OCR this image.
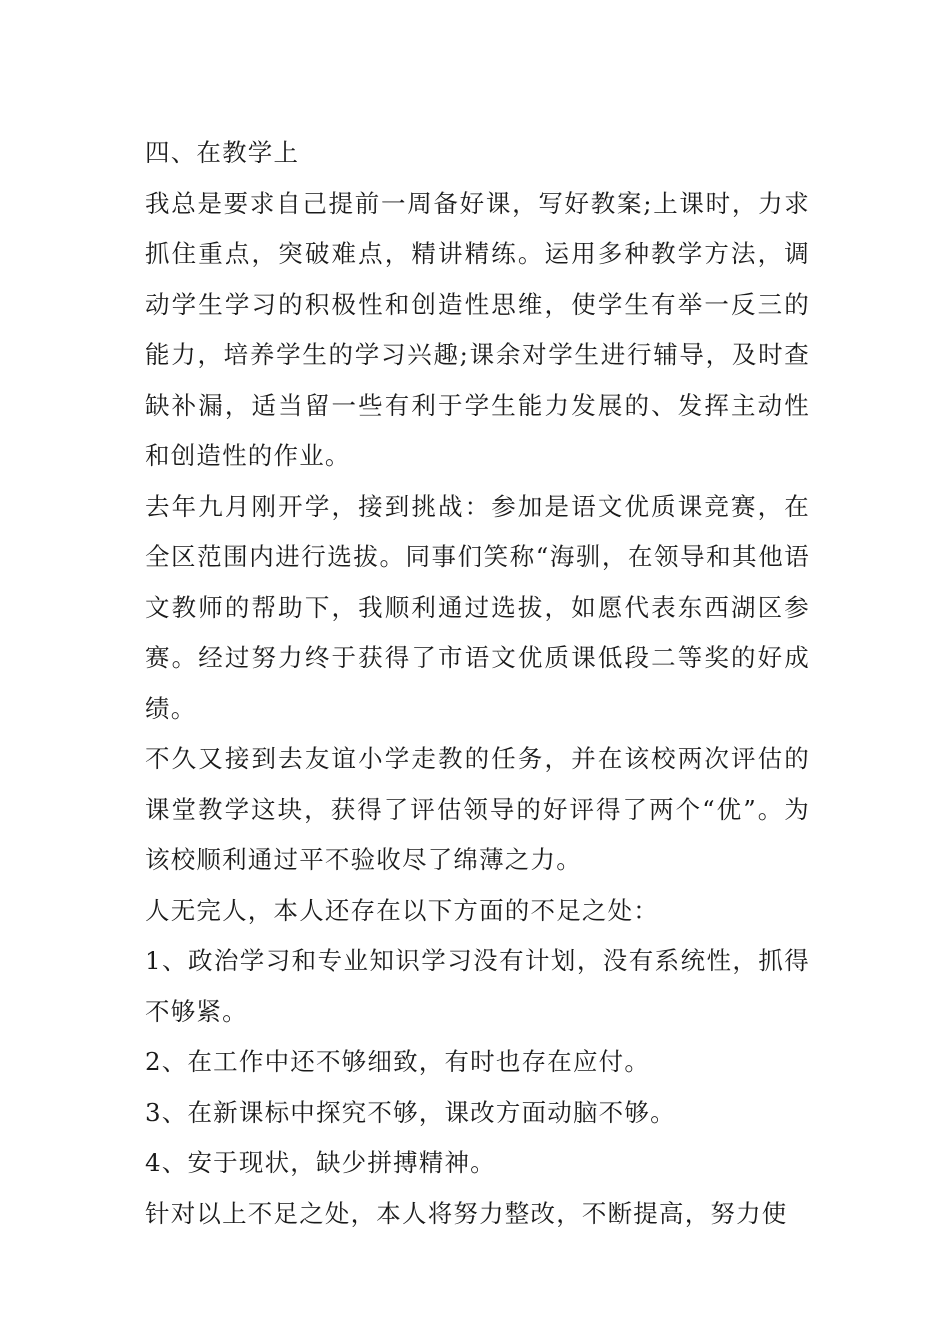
四、在教学上

我总是要求自己提前一周备好课，写好教案;上课时，力求抓住重点，突破难点，精讲精练。运用多种教学方法，调动学生学习的积极性和创造性思维，使学生有举一反三的能力，培养学生的学习兴趣;课余对学生进行辅导，及时查缺补漏，适当留一些有利于学生能力发展的、发挥主动性和创造性的作业。

去年九月刚开学，接到挑战：参加是语文优质课竞赛，在全区范围内进行选拔。同事们笑称“海驯，在领导和其他语文教师的帮助下，我顺利通过选拔，如愿代表东西湖区参赛。经过努力终于获得了市语文优质课低段二等奖的好成绩。

不久又接到去友谊小学走教的任务，并在该校两次评估的课堂教学这块，获得了评估领导的好评得了两个“优”。为该校顺利通过平不验收尽了绵薄之力。

人无完人，本人还存在以下方面的不足之处：

1、政治学习和专业知识学习没有计划，没有系统性，抓得不够紧。

2、在工作中还不够细致，有时也存在应付。

3、在新课标中探究不够，课改方面动脑不够。

4、安于现状，缺少拼搏精神。

针对以上不足之处，本人将努力整改，不断提高，努力使
